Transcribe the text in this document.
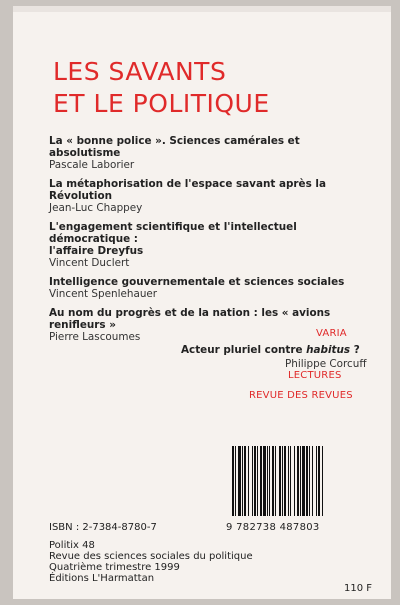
LES SAVANTS
ET LE POLITIQUE
La « bonne police ». Sciences camérales et absolutisme
Pascale Laborier
La métaphorisation de l'espace savant après la Révolution
Jean-Luc Chappey
L'engagement scientifique et l'intellectuel démocratique :
l'affaire Dreyfus
Vincent Duclert
Intelligence gouvernementale et sciences sociales
Vincent Spenlehauer
Au nom du progrès et de la nation : les « avions renifleurs »
Pierre Lascoumes	VARIA
Acteur pluriel contre habitus ?
Philippe Corcuff
LECTURES
REVUE DES REVUES
ISBN : 2-7384-8780-7	9 782738 487803
Politix 48
Revue des sciences sociales du politique
Quatrième trimestre 1999
Éditions L'Harmattan
110 F
